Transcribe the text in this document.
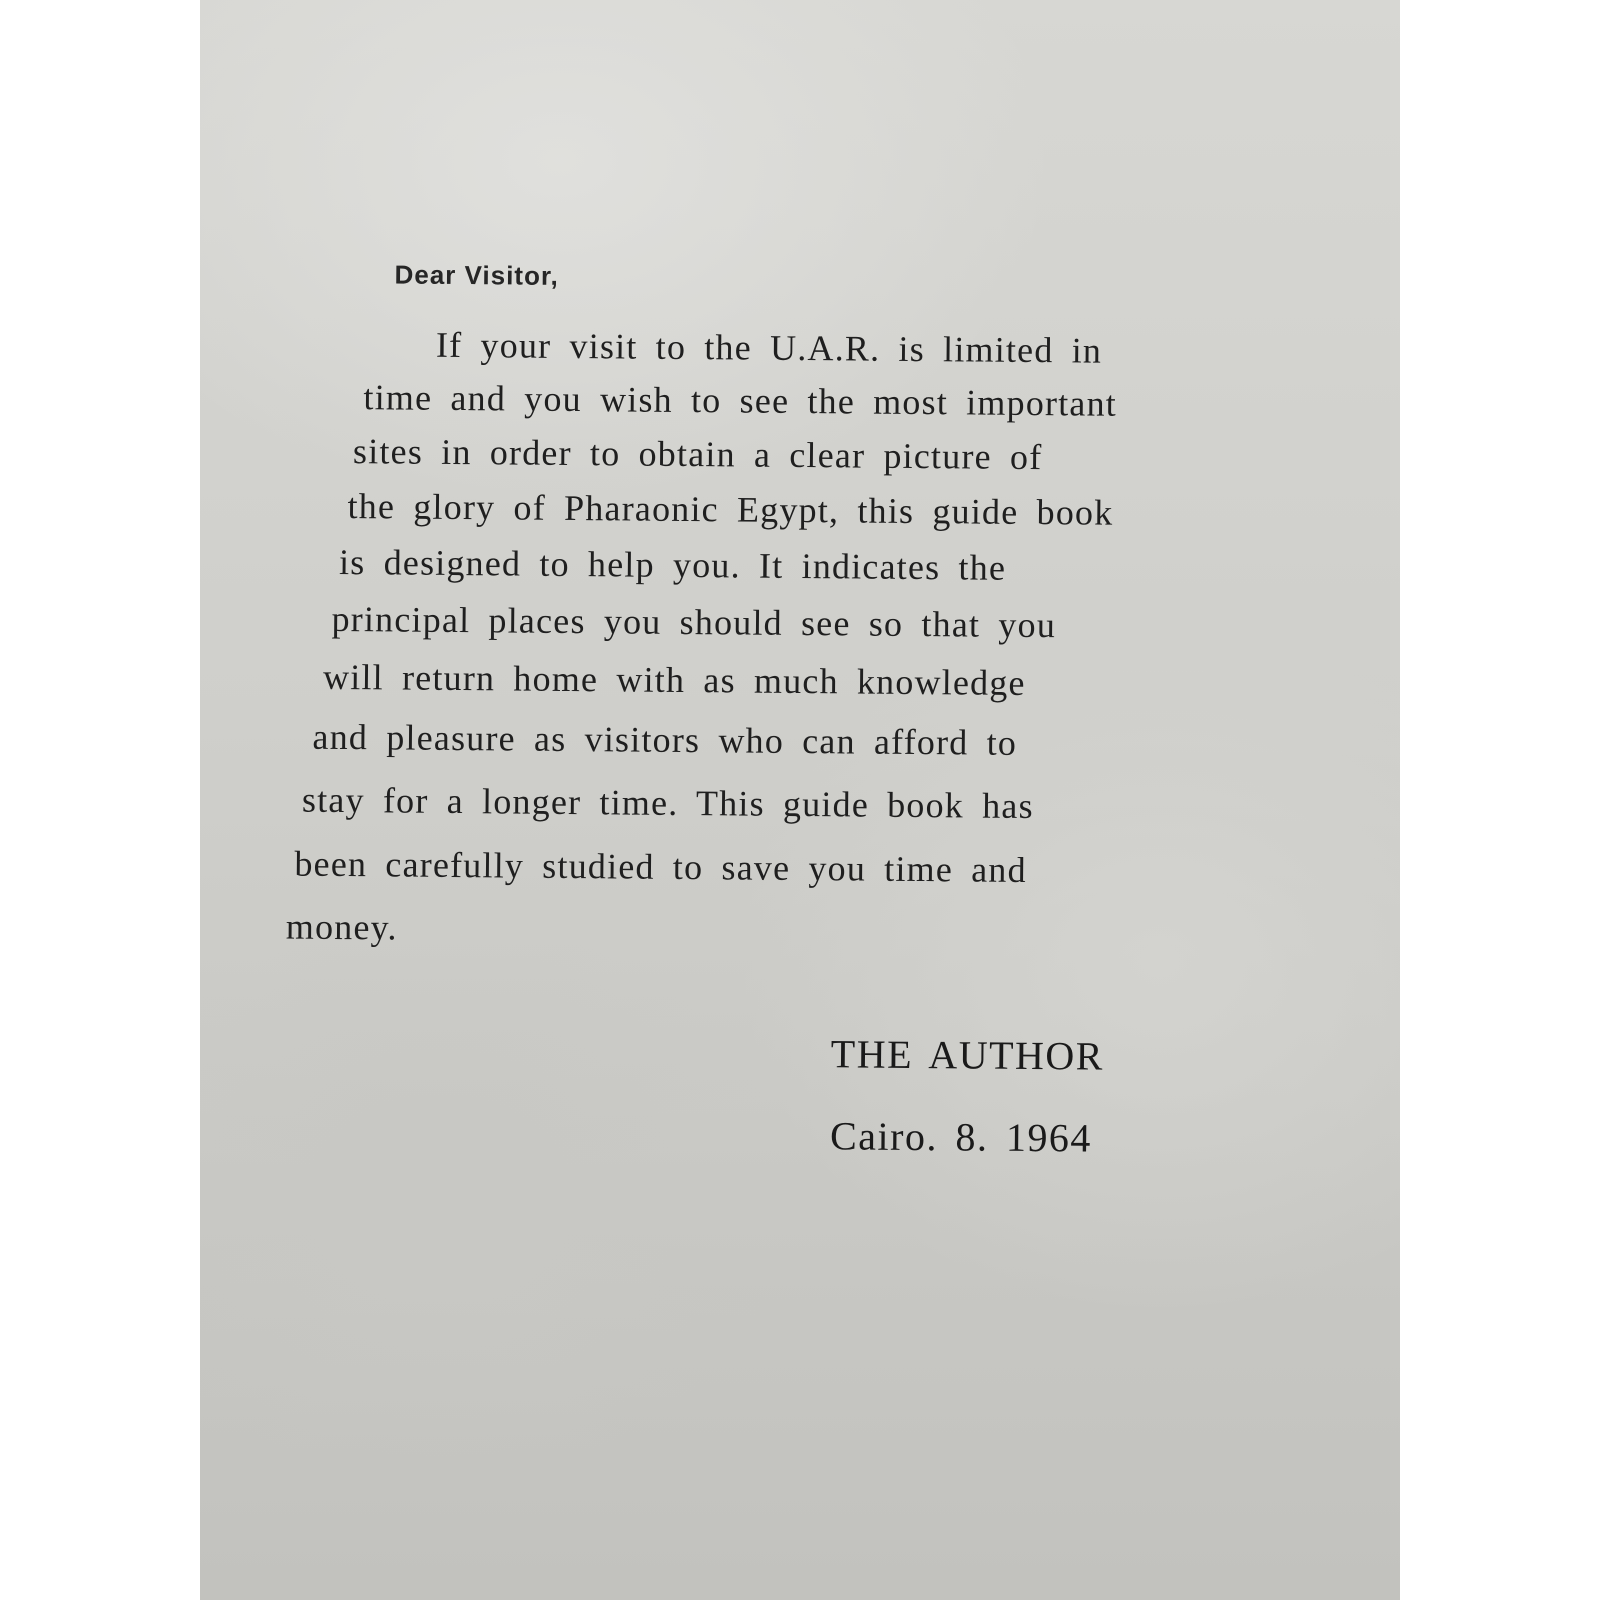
Dear Visitor,
If your visit to the U.A.R. is limited in
time and you wish to see the most important
sites in order to obtain a clear picture of
the glory of Pharaonic Egypt, this guide book
is designed to help you. It indicates the
principal places you should see so that you
will return home with as much knowledge
and pleasure as visitors who can afford to
stay for a longer time. This guide book has
been carefully studied to save you time and
money.
THE AUTHOR
Cairo. 8. 1964
